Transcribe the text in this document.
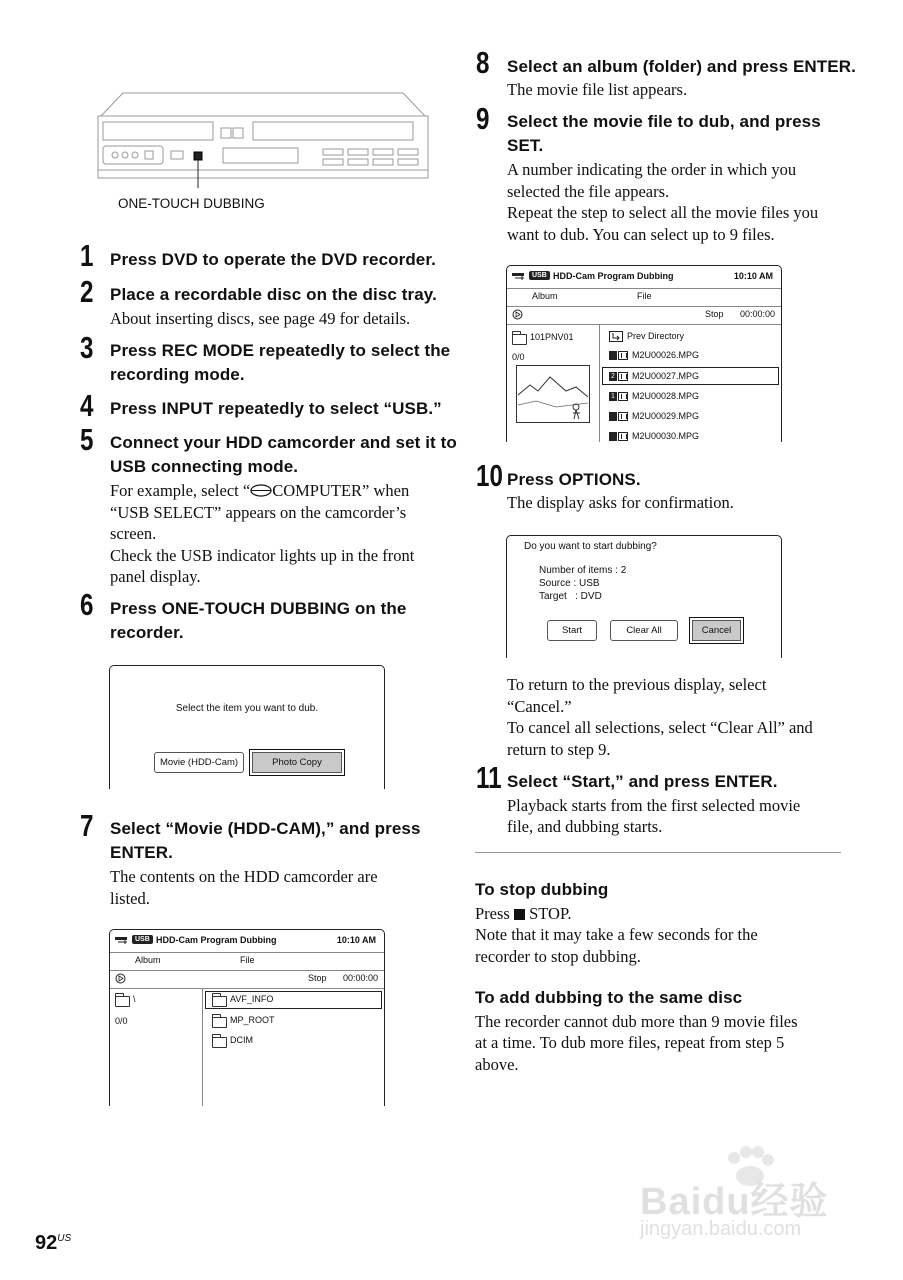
ONE-TOUCH DUBBING
1 Press DVD to operate the DVD recorder.
2 Place a recordable disc on the disc tray.
About inserting discs, see page 49 for details.
3 Press REC MODE repeatedly to select the
recording mode.
4 Press INPUT repeatedly to select “USB.”
5 Connect your HDD camcorder and set it to
USB connecting mode.
For example, select “ COMPUTER” when
“USB SELECT” appears on the camcorder’s
screen.
Check the USB indicator lights up in the front
panel display.
6 Press ONE-TOUCH DUBBING on the
recorder.
Select the item you want to dub.
Movie (HDD-Cam)	Photo Copy
7 Select “Movie (HDD-CAM),” and press
ENTER.
The contents on the HDD camcorder are
listed.
USB HDD-Cam Program Dubbing	10:10 AM
Album	File
Stop 00:00:00
\
0/0
AVF_INFO
MP_ROOT
DCIM
$92^{US}$
8 Select an album (folder) and press ENTER.
The movie file list appears.
9 Select the movie file to dub, and press
SET.
A number indicating the order in which you
selected the file appears.
Repeat the step to select all the movie files you
want to dub. You can select up to 9 files.
USB HDD-Cam Program Dubbing	10:10 AM
Album	File
Stop 00:00:00
101PNV01
0/0
Prev Directory
M2U00026.MPG
2 M2U00027.MPG
1 M2U00028.MPG
M2U00029.MPG
M2U00030.MPG
10 Press OPTIONS.
The display asks for confirmation.
Do you want to start dubbing?
Number of items : 2
Source : USB
Target   : DVD
Start	Clear All	Cancel
To return to the previous display, select
“Cancel.”
To cancel all selections, select “Clear All” and
return to step 9.
11 Select “Start,” and press ENTER.
Playback starts from the first selected movie
file, and dubbing starts.
To stop dubbing
Press  STOP.
Note that it may take a few seconds for the
recorder to stop dubbing.
To add dubbing to the same disc
The recorder cannot dub more than 9 movie files
at a time. To dub more files, repeat from step 5
above.
Baidu经验
jingyan.baidu.com
